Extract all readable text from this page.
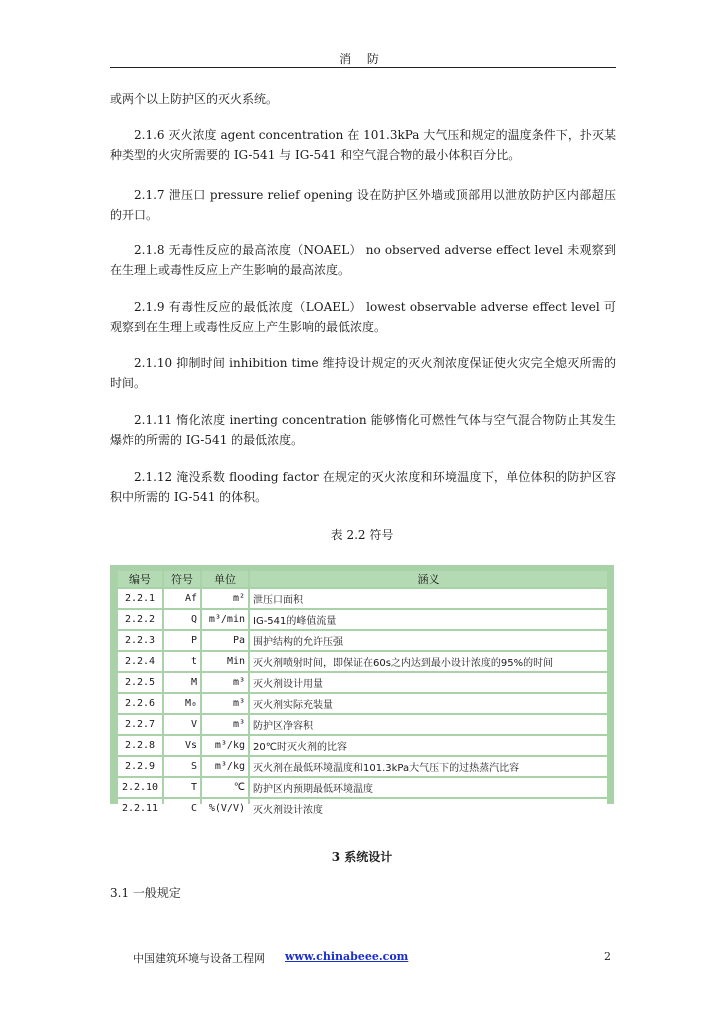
消 防

或两个以上防护区的灭火系统。

2.1.6 灭火浓度 agent concentration 在 101.3kPa 大气压和规定的温度条件下，扑灭某种类型的火灾所需要的 IG-541 与 IG-541 和空气混合物的最小体积百分比。

2.1.7 泄压口 pressure relief opening 设在防护区外墙或顶部用以泄放防护区内部超压的开口。

2.1.8 无毒性反应的最高浓度（NOAEL） no observed adverse effect level 未观察到在生理上或毒性反应上产生影响的最高浓度。

2.1.9 有毒性反应的最低浓度（LOAEL） lowest observable adverse effect level 可观察到在生理上或毒性反应上产生影响的最低浓度。

2.1.10 抑制时间 inhibition time 维持设计规定的灭火剂浓度保证使火灾完全熄灭所需的时间。

2.1.11 惰化浓度 inerting concentration 能够惰化可燃性气体与空气混合物防止其发生爆炸的所需的 IG-541 的最低浓度。

2.1.12 淹没系数 flooding factor 在规定的灭火浓度和环境温度下，单位体积的防护区容积中所需的 IG-541 的体积。

表 2.2 符号
编号	符号	单位	涵义
2.2.1	Af	m²	泄压口面积
2.2.2	Q	m³/min	IG-541的峰值流量
2.2.3	P	Pa	围护结构的允许压强
2.2.4	t	Min	灭火剂喷射时间，即保证在60s之内达到最小设计浓度的95%的时间
2.2.5	M	m³	灭火剂设计用量
2.2.6	M₀	m³	灭火剂实际充装量
2.2.7	V	m³	防护区净容积
2.2.8	Vs	m³/kg	20℃时灭火剂的比容
2.2.9	S	m³/kg	灭火剂在最低环境温度和101.3kPa大气压下的过热蒸汽比容
2.2.10	T	℃	防护区内预期最低环境温度
2.2.11	C	%(V/V)	灭火剂设计浓度
3 系统设计
3.1 一般规定
中国建筑环境与设备工程网 www.chinabeee.com	2
